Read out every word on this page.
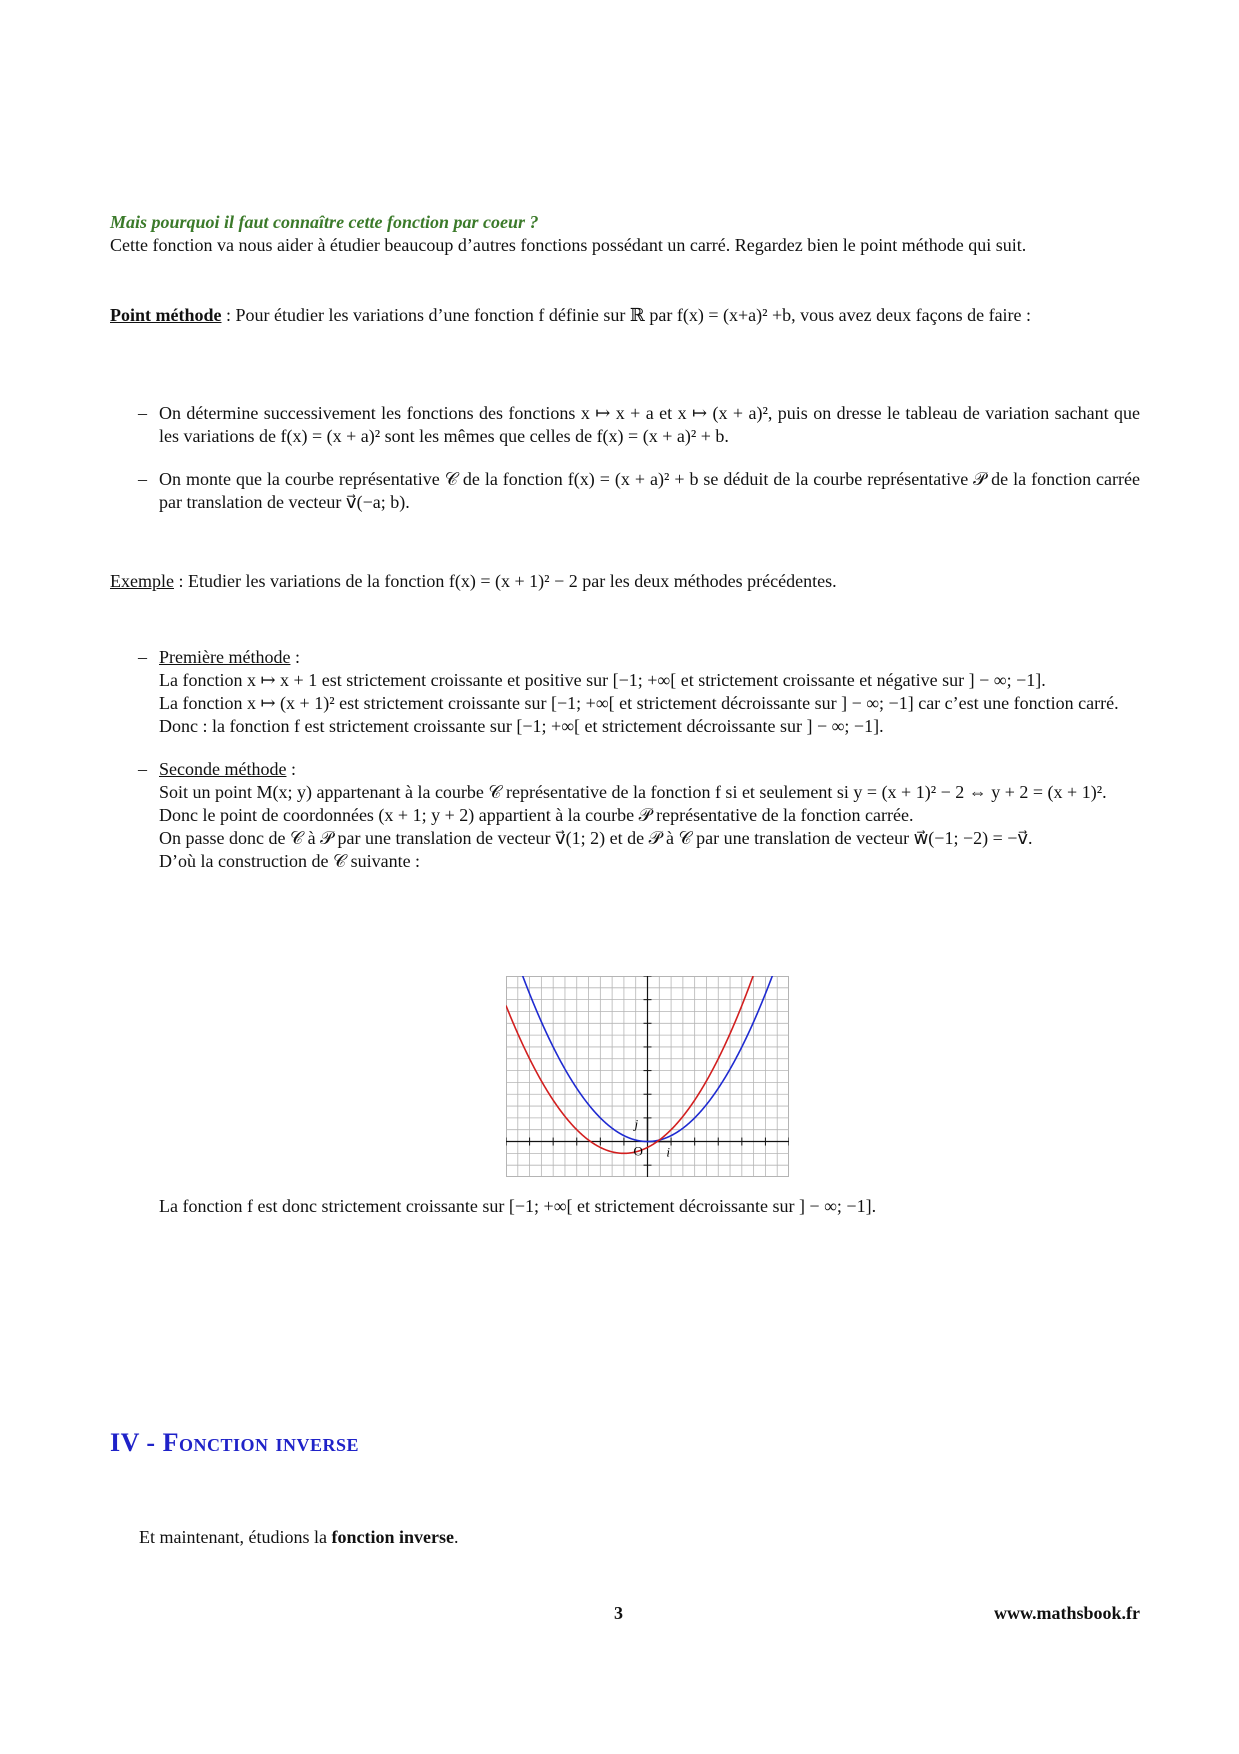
Mais pourquoi il faut connaître cette fonction par coeur ?
Cette fonction va nous aider à étudier beaucoup d’autres fonctions possédant un carré. Regardez bien le point méthode qui suit.
Point méthode : Pour étudier les variations d’une fonction f définie sur ℝ par f(x) = (x+a)² +b, vous avez deux façons de faire :
– On détermine successivement les fonctions des fonctions x ↦ x + a et x ↦ (x + a)², puis on dresse le tableau de variation sachant que les variations de f(x) = (x + a)² sont les mêmes que celles de f(x) = (x + a)² + b.
– On monte que la courbe représentative 𝒞 de la fonction f(x) = (x + a)² + b se déduit de la courbe représentative 𝒫 de la fonction carrée par translation de vecteur v⃗(−a; b).
Exemple : Etudier les variations de la fonction f(x) = (x + 1)² − 2 par les deux méthodes précédentes.
– Première méthode :
La fonction x ↦ x + 1 est strictement croissante et positive sur [−1; +∞[ et strictement croissante et négative sur ] − ∞; −1].
La fonction x ↦ (x + 1)² est strictement croissante sur [−1; +∞[ et strictement décroissante sur ] − ∞; −1] car c’est une fonction carré.
Donc : la fonction f est strictement croissante sur [−1; +∞[ et strictement décroissante sur ] − ∞; −1].
– Seconde méthode :
Soit un point M(x; y) appartenant à la courbe 𝒞 représentative de la fonction f si et seulement si y = (x + 1)² − 2 ⇔ y + 2 = (x + 1)².
Donc le point de coordonnées (x + 1; y + 2) appartient à la courbe 𝒫 représentative de la fonction carrée.
On passe donc de 𝒞 à 𝒫 par une translation de vecteur v⃗(1; 2) et de 𝒫 à 𝒞 par une translation de vecteur w⃗(−1; −2) = −v⃗.
D’où la construction de 𝒞 suivante :
O i⃗
j⃗
La fonction f est donc strictement croissante sur [−1; +∞[ et strictement décroissante sur ] − ∞; −1].
IV - Fonction inverse
Et maintenant, étudions la fonction inverse.
3	www.mathsbook.fr
